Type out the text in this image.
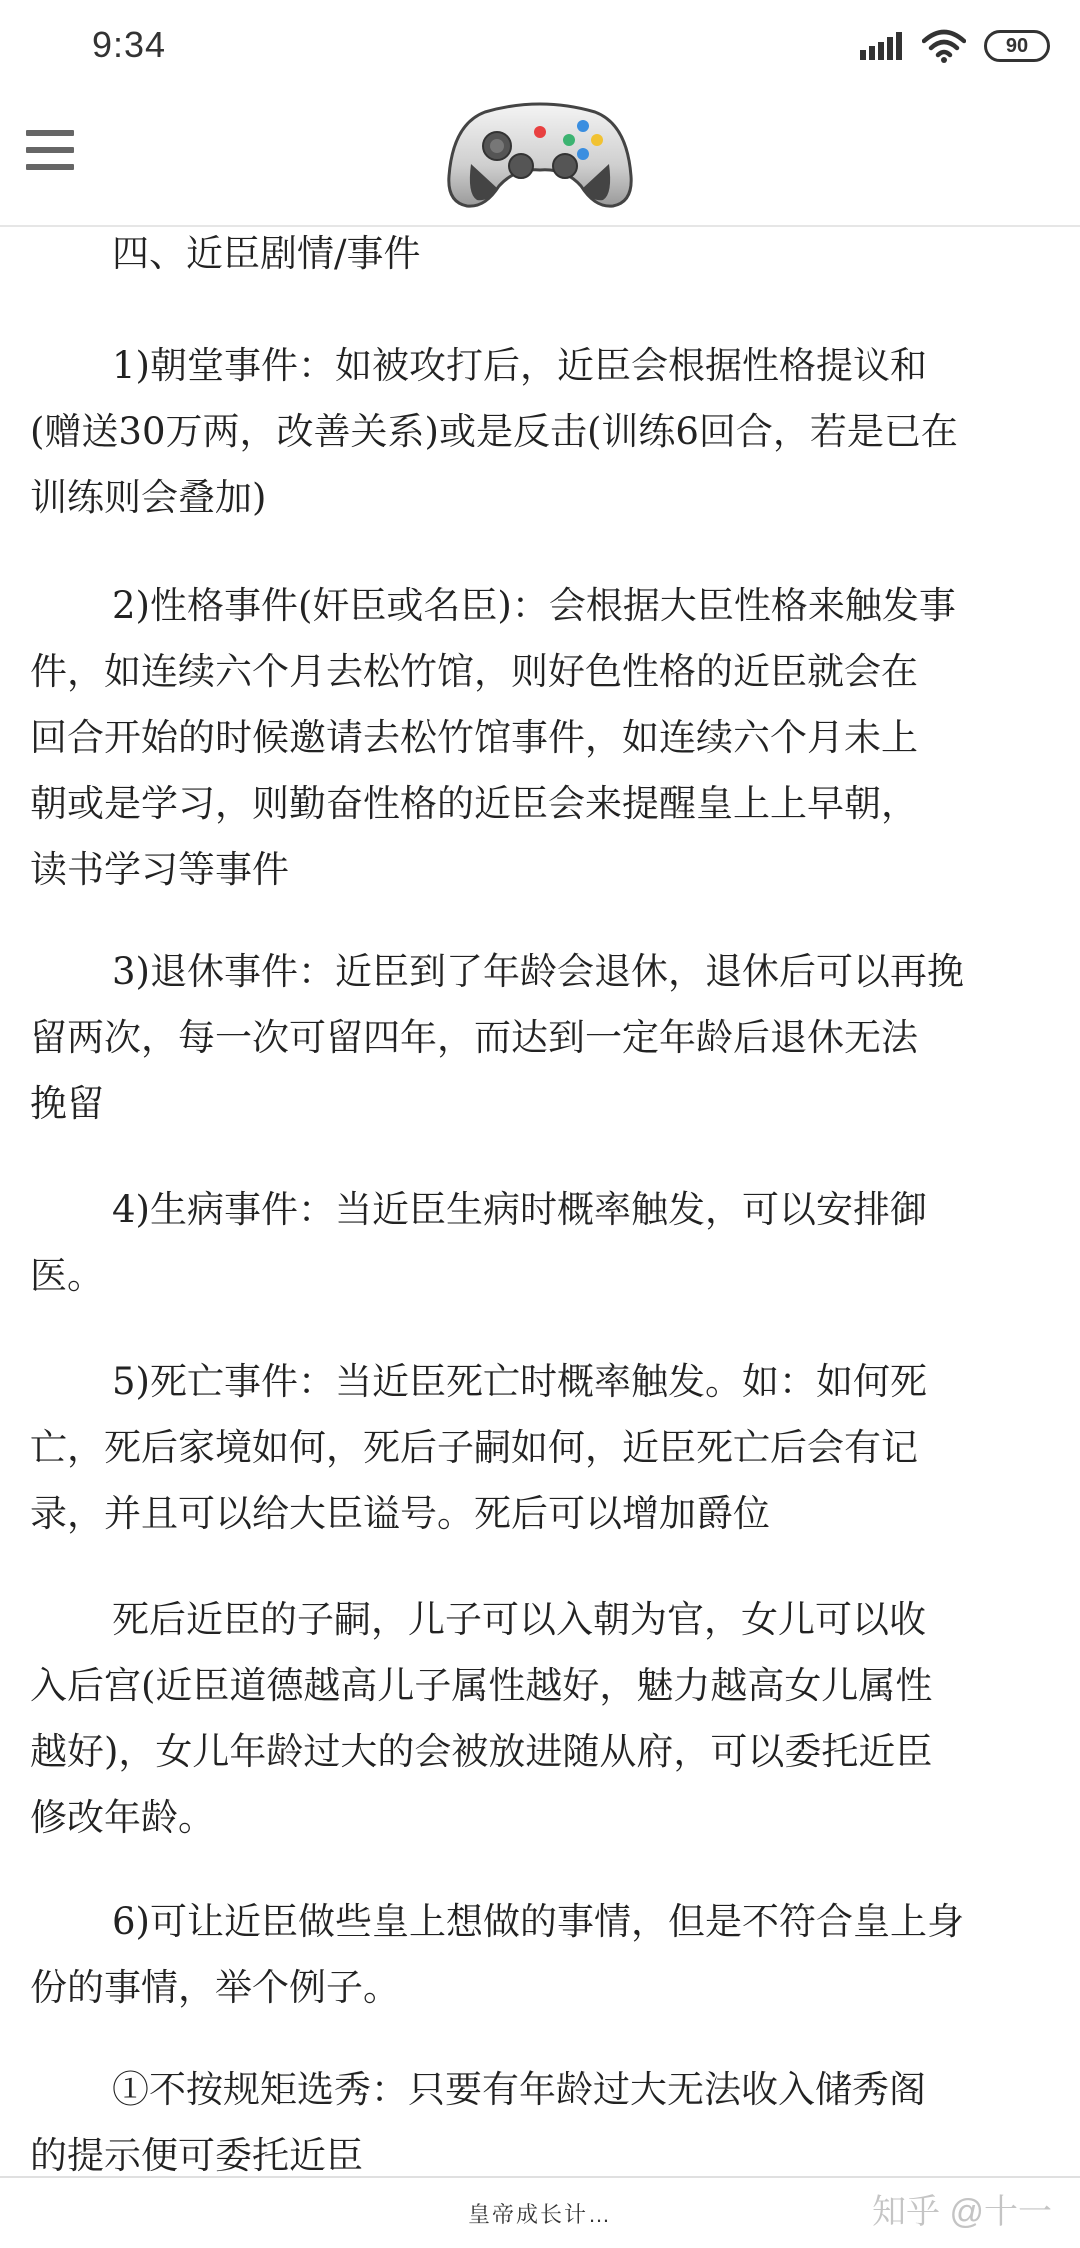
9:34	90
四、近臣剧情/事件
1)朝堂事件：如被攻打后，近臣会根据性格提议和
(赠送30万两，改善关系)或是反击(训练6回合，若是已在
训练则会叠加)
2)性格事件(奸臣或名臣)：会根据大臣性格来触发事
件，如连续六个月去松竹馆，则好色性格的近臣就会在
回合开始的时候邀请去松竹馆事件，如连续六个月未上
朝或是学习，则勤奋性格的近臣会来提醒皇上上早朝，
读书学习等事件
3)退休事件：近臣到了年龄会退休，退休后可以再挽
留两次，每一次可留四年，而达到一定年龄后退休无法
挽留
4)生病事件：当近臣生病时概率触发，可以安排御
医。
5)死亡事件：当近臣死亡时概率触发。如：如何死
亡，死后家境如何，死后子嗣如何，近臣死亡后会有记
录，并且可以给大臣谥号。死后可以增加爵位
死后近臣的子嗣，儿子可以入朝为官，女儿可以收
入后宫(近臣道德越高儿子属性越好，魅力越高女儿属性
越好)，女儿年龄过大的会被放进随从府，可以委托近臣
修改年龄。
6)可让近臣做些皇上想做的事情，但是不符合皇上身
份的事情，举个例子。
①不按规矩选秀：只要有年龄过大无法收入储秀阁
的提示便可委托近臣
皇帝成长计…	知乎 @十一
